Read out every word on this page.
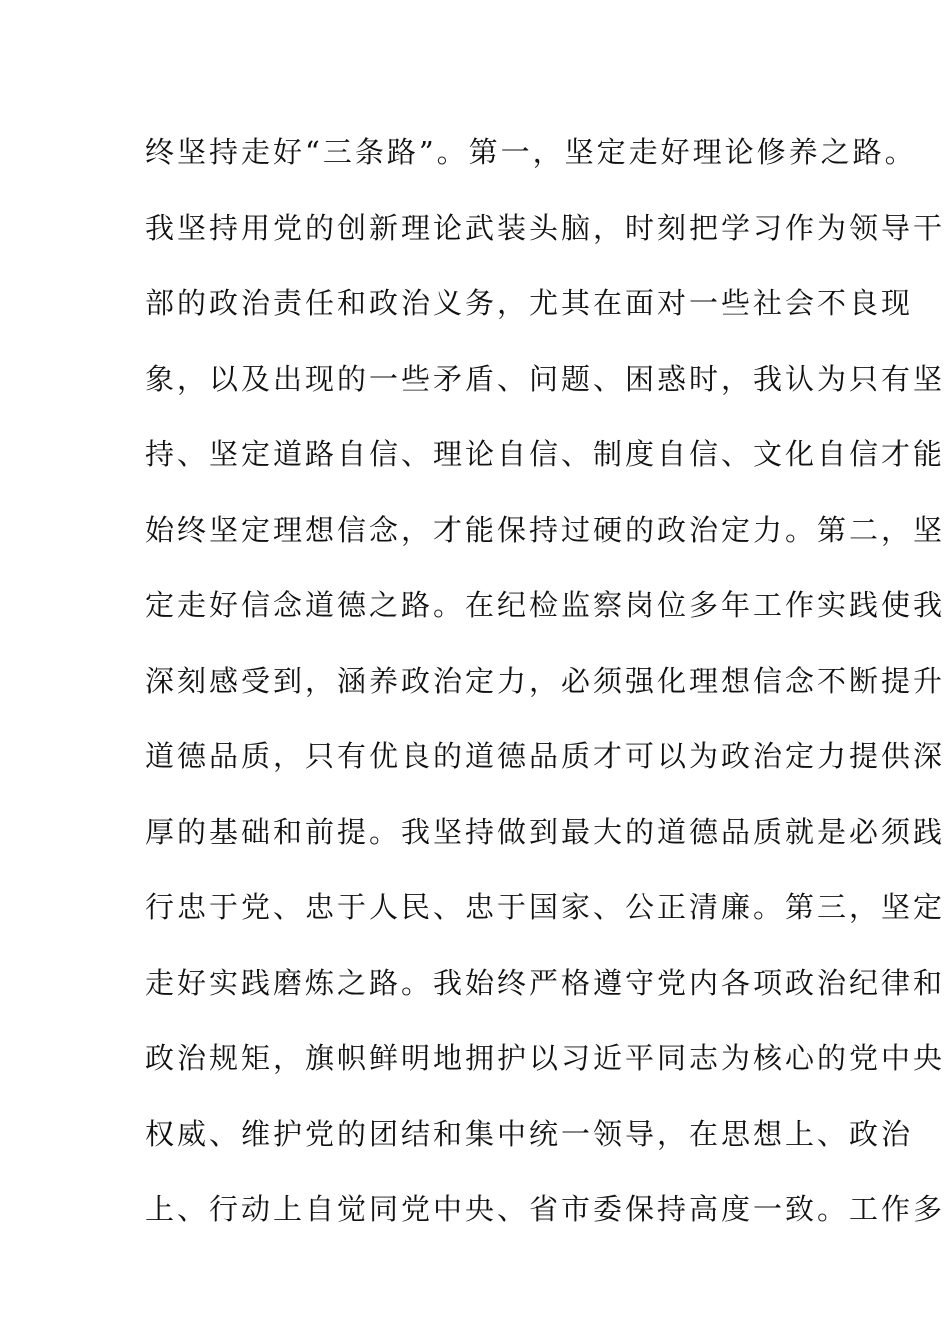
终坚持走好“三条路”。第一，坚定走好理论修养之路。
我坚持用党的创新理论武装头脑，时刻把学习作为领导干
部的政治责任和政治义务，尤其在面对一些社会不良现
象，以及出现的一些矛盾、问题、困惑时，我认为只有坚
持、坚定道路自信、理论自信、制度自信、文化自信才能
始终坚定理想信念，才能保持过硬的政治定力。第二，坚
定走好信念道德之路。在纪检监察岗位多年工作实践使我
深刻感受到，涵养政治定力，必须强化理想信念不断提升
道德品质，只有优良的道德品质才可以为政治定力提供深
厚的基础和前提。我坚持做到最大的道德品质就是必须践
行忠于党、忠于人民、忠于国家、公正清廉。第三，坚定
走好实践磨炼之路。我始终严格遵守党内各项政治纪律和
政治规矩，旗帜鲜明地拥护以习近平同志为核心的党中央
权威、维护党的团结和集中统一领导，在思想上、政治
上、行动上自觉同党中央、省市委保持高度一致。工作多
